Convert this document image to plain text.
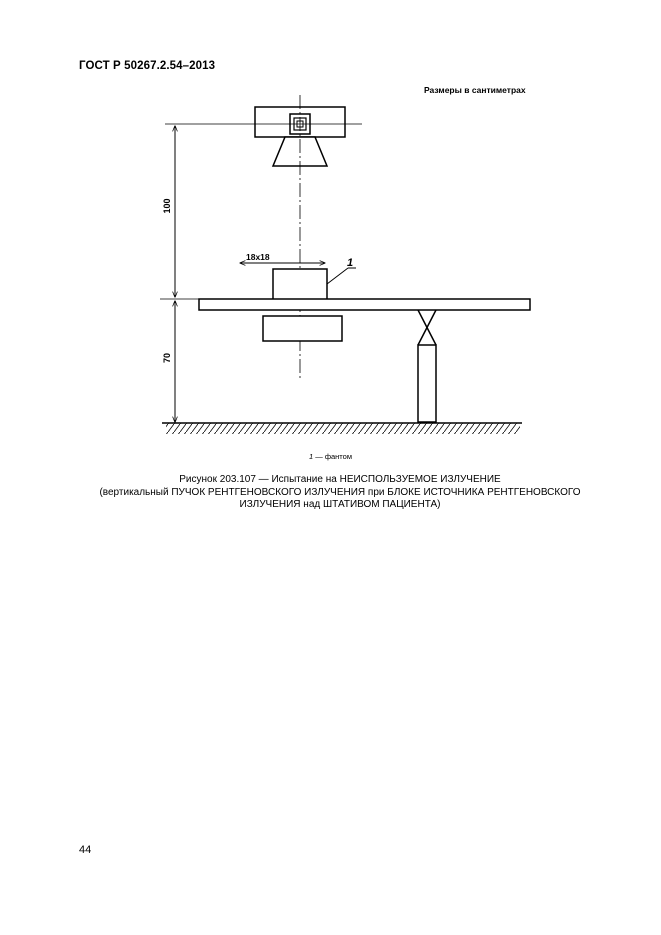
ГОСТ Р 50267.2.54–2013
Размеры в сантиметрах
100
70
18x18	1
1 — фантом
Рисунок 203.107 — Испытание на НЕИСПОЛЬЗУЕМОЕ ИЗЛУЧЕНИЕ
(вертикальный ПУЧОК РЕНТГЕНОВСКОГО ИЗЛУЧЕНИЯ при БЛОКЕ ИСТОЧНИКА РЕНТГЕНОВСКОГО
ИЗЛУЧЕНИЯ над ШТАТИВОМ ПАЦИЕНТА)
44
